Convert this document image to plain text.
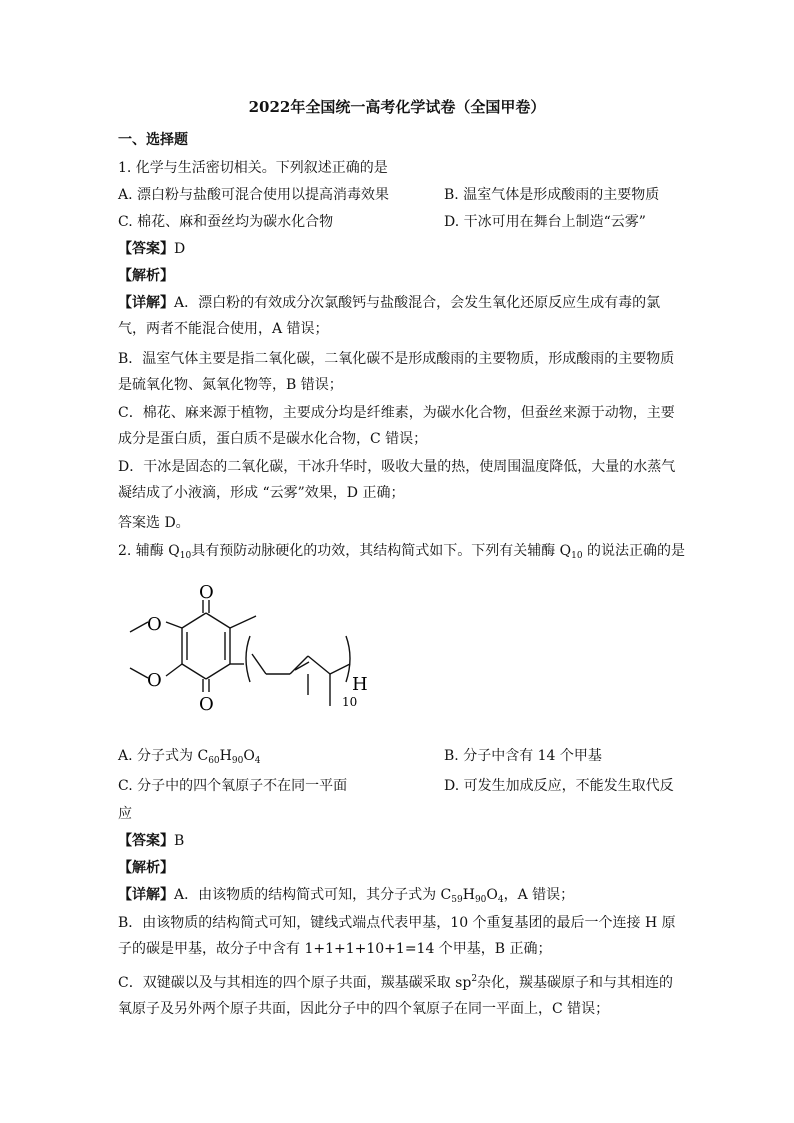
2022年全国统一高考化学试卷（全国甲卷）
一、选择题
1. 化学与生活密切相关。下列叙述正确的是
A. 漂白粉与盐酸可混合使用以提高消毒效果	B. 温室气体是形成酸雨的主要物质
C. 棉花、麻和蚕丝均为碳水化合物	D. 干冰可用在舞台上制造“云雾”
【答案】D
【解析】
【详解】A．漂白粉的有效成分次氯酸钙与盐酸混合，会发生氧化还原反应生成有毒的氯气，两者不能混合使用，A 错误；
B．温室气体主要是指二氧化碳，二氧化碳不是形成酸雨的主要物质，形成酸雨的主要物质是硫氧化物、氮氧化物等，B 错误；
C．棉花、麻来源于植物，主要成分均是纤维素，为碳水化合物，但蚕丝来源于动物，主要成分是蛋白质，蛋白质不是碳水化合物，C 错误；
D．干冰是固态的二氧化碳，干冰升华时，吸收大量的热，使周围温度降低，大量的水蒸气凝结成了小液滴，形成 “云雾”效果，D 正确；
答案选 D。
2. 辅酶 $Q_{10}$具有预防动脉硬化的功效，其结构简式如下。下列有关辅酶 $Q_{10}$ 的说法正确的是
O
O
O
O	H
10
A. 分子式为 $C_{60}H_{90}O_4$	B. 分子中含有 14 个甲基
C. 分子中的四个氧原子不在同一平面	D. 可发生加成反应，不能发生取代反
应
【答案】B
【解析】
【详解】A．由该物质的结构简式可知，其分子式为 $C_{59}H_{90}O_4$，A 错误；
B．由该物质的结构简式可知，键线式端点代表甲基，10 个重复基团的最后一个连接 H 原子的碳是甲基，故分子中含有 1+1+1+10+1=14 个甲基，B 正确；
C．双键碳以及与其相连的四个原子共面，羰基碳采取 $sp^2$杂化，羰基碳原子和与其相连的氧原子及另外两个原子共面，因此分子中的四个氧原子在同一平面上，C 错误；
